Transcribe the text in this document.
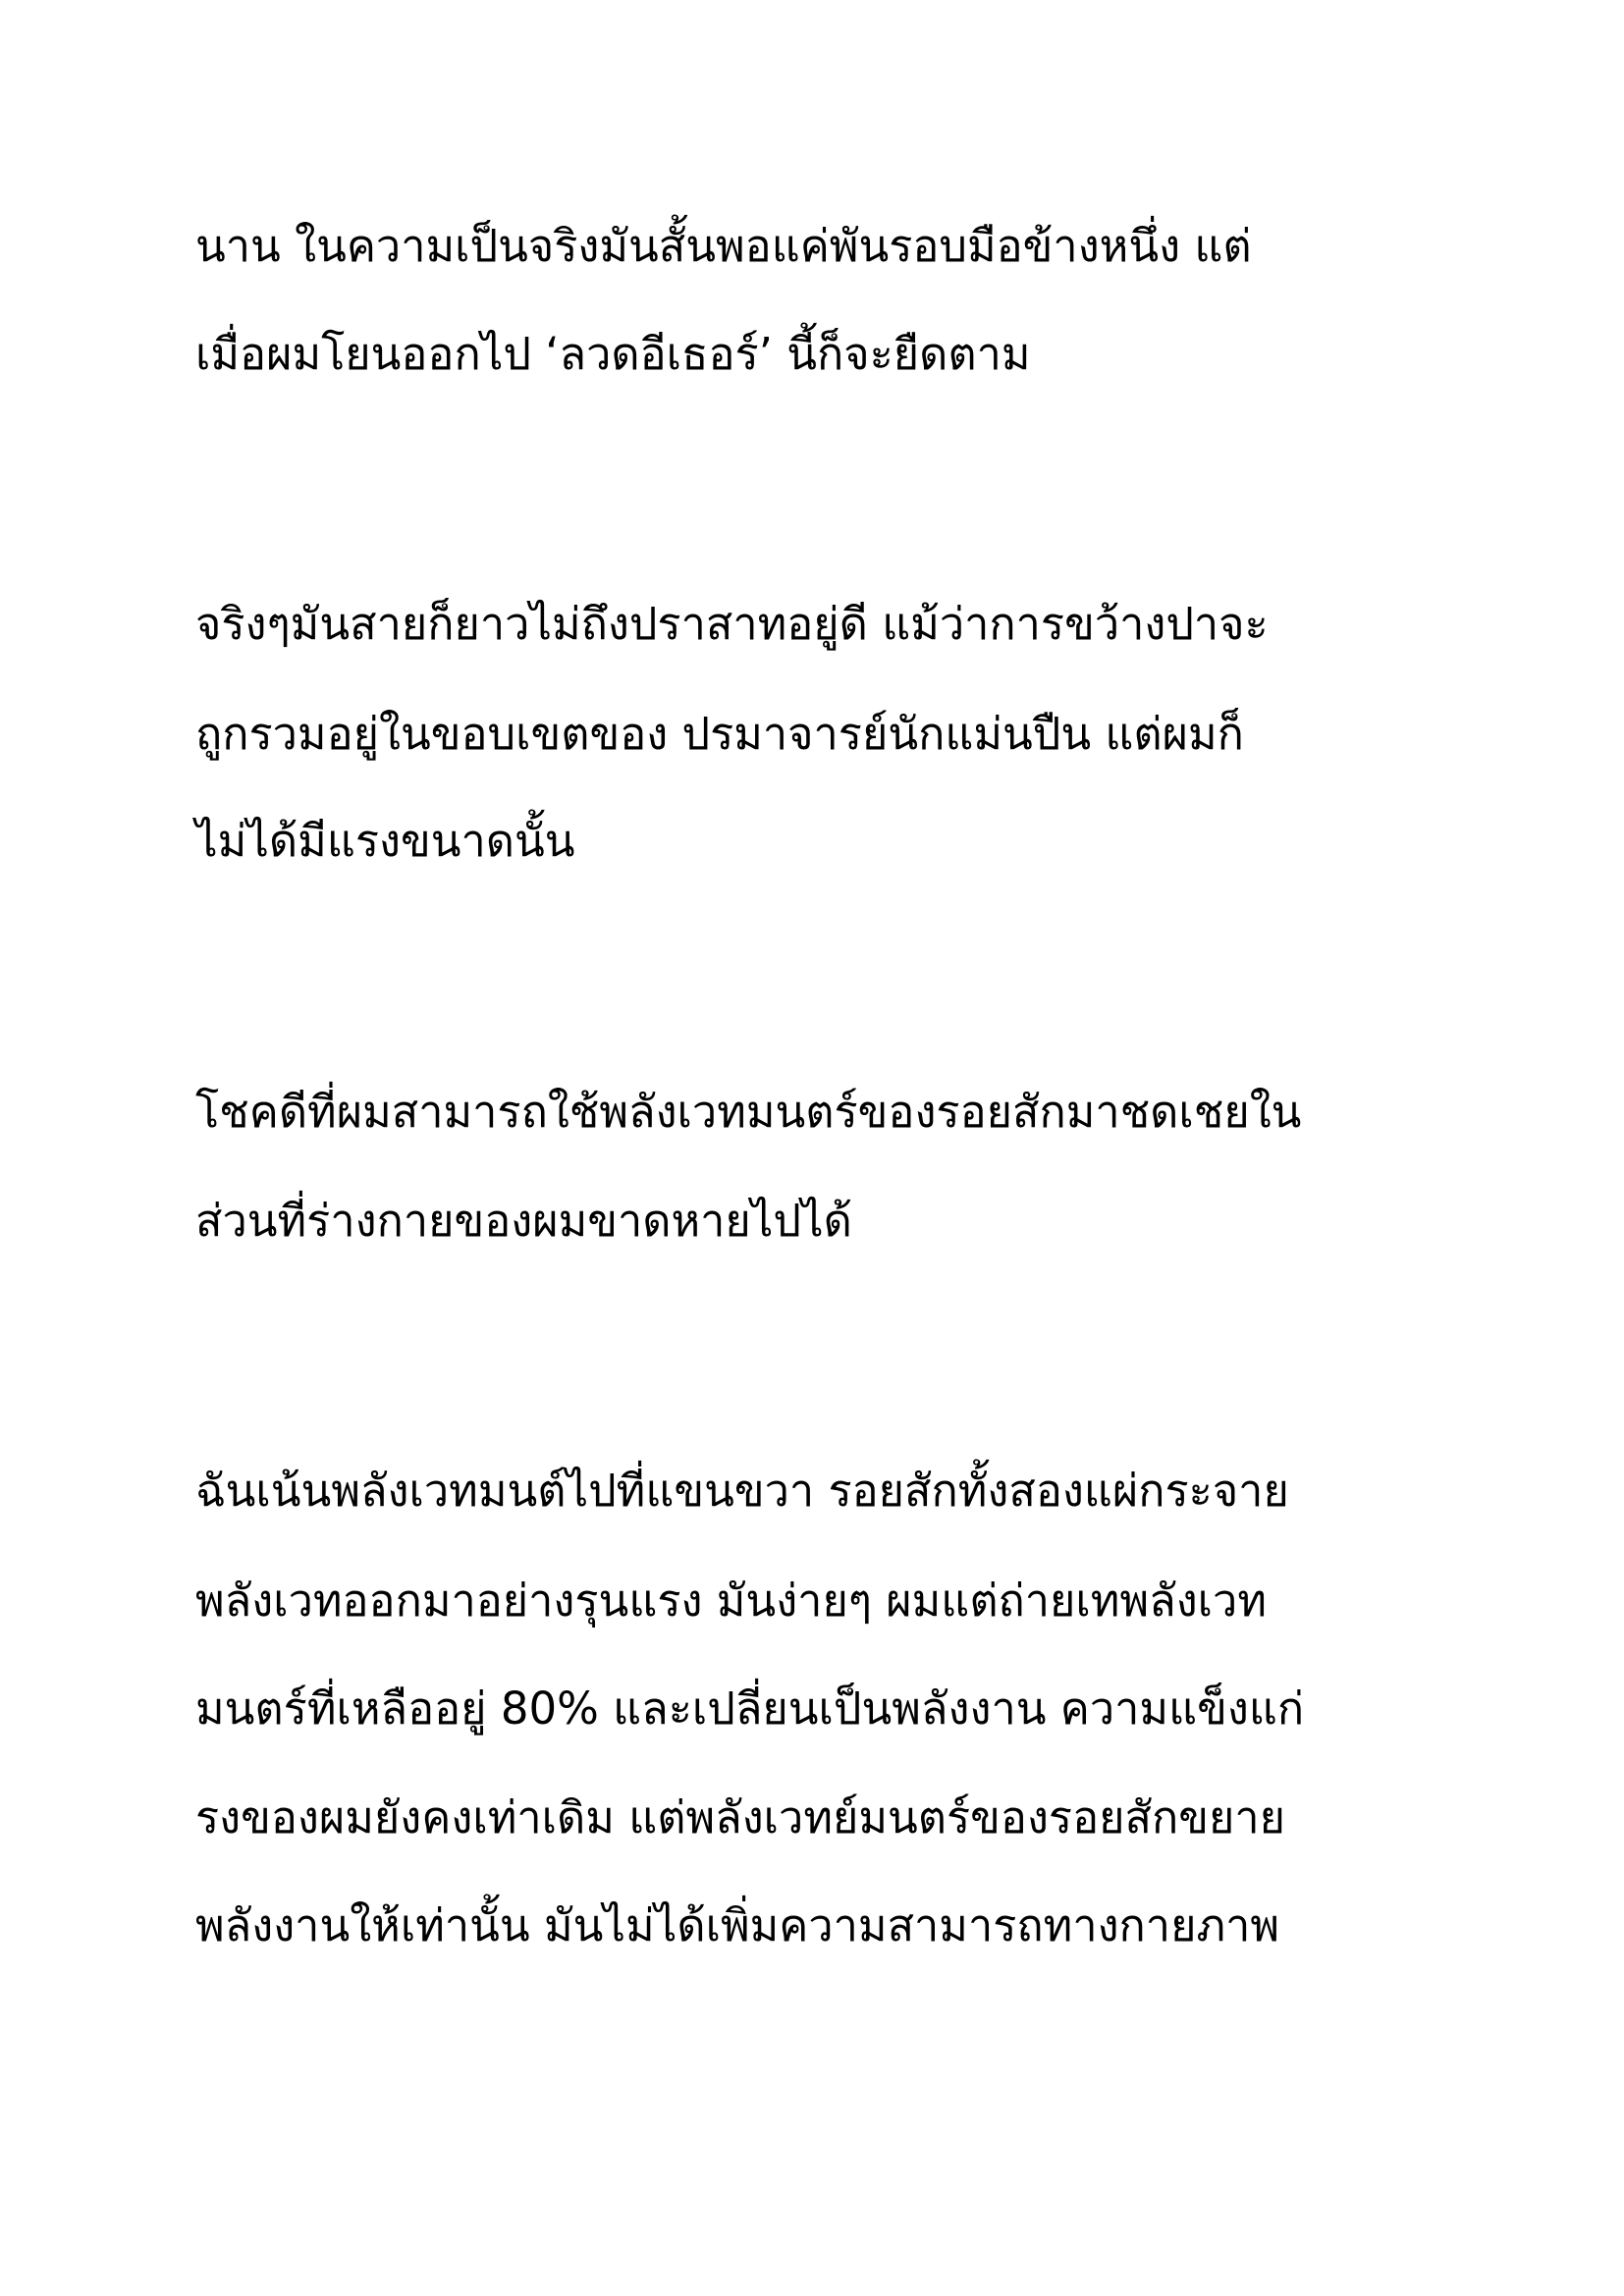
นาน ในความเป็นจริงมันสั้นพอแค่พันรอบมือข้างหนึ่ง แต่
เมื่อผมโยนออกไป ‘ลวดอีเธอร์’ นี้ก็จะยืดตาม
จริงๆมันสายก็ยาวไม่ถึงปราสาทอยู่ดี แม้ว่าการขว้างปาจะ
ถูกรวมอยู่ในขอบเขตของ ปรมาจารย์นักแม่นปืน แต่ผมก็
ไม่ได้มีแรงขนาดนั้น
โชคดีที่ผมสามารถใช้พลังเวทมนตร์ของรอยสักมาชดเชยใน
ส่วนที่ร่างกายของผมขาดหายไปได้
ฉันเน้นพลังเวทมนต์ไปที่แขนขวา รอยสักทั้งสองแผ่กระจาย
พลังเวทออกมาอย่างรุนแรง มันง่ายๆ ผมแต่ถ่ายเทพลังเวท
มนตร์ที่เหลืออยู่ 80% และเปลี่ยนเป็นพลังงาน ความแข็งแก่
รงของผมยังคงเท่าเดิม แต่พลังเวทย์มนตร์ของรอยสักขยาย
พลังงานให้เท่านั้น มันไม่ได้เพิ่มความสามารถทางกายภาพ
